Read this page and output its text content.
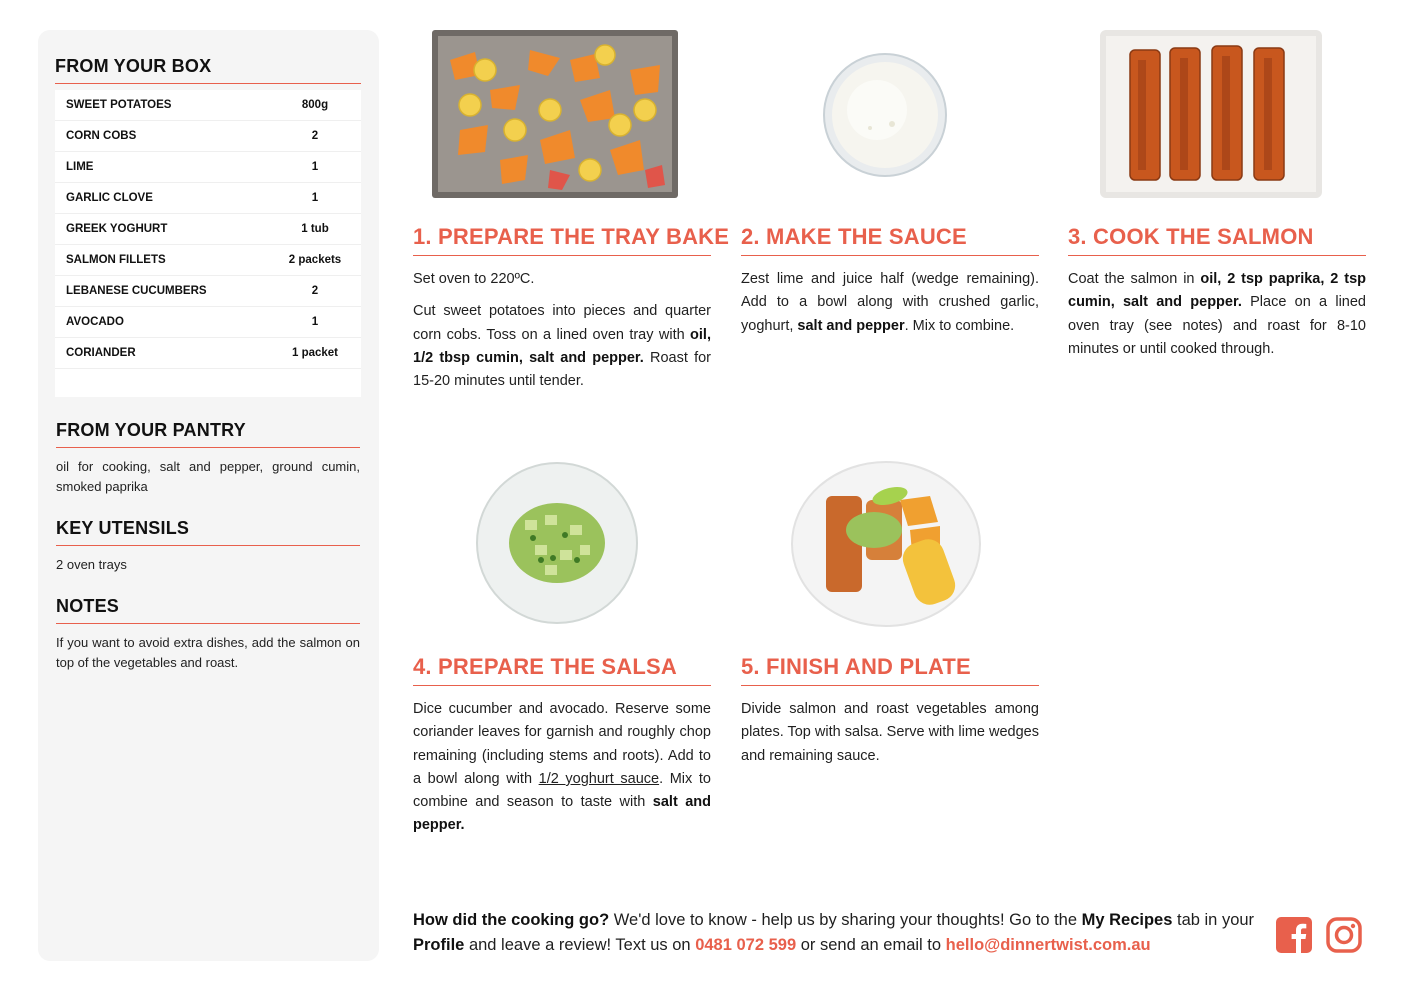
FROM YOUR BOX
SWEET POTATOES	800g
CORN COBS	2
LIME	1
GARLIC CLOVE	1
GREEK YOGHURT	1 tub
SALMON FILLETS	2 packets
LEBANESE CUCUMBERS	2
AVOCADO	1
CORIANDER	1 packet
FROM YOUR PANTRY
oil for cooking, salt and pepper, ground cumin, smoked paprika
KEY UTENSILS
2 oven trays
NOTES
If you want to avoid extra dishes, add the salmon on top of the vegetables and roast.
1. PREPARE THE TRAY BAKE

Set oven to 220ºC.

Cut sweet potatoes into pieces and quarter corn cobs. Toss on a lined oven tray with oil, 1/2 tbsp cumin, salt and pepper. Roast for 15-20 minutes until tender.

2. MAKE THE SAUCE

Zest lime and juice half (wedge remaining). Add to a bowl along with crushed garlic, yoghurt, salt and pepper. Mix to combine.

3. COOK THE SALMON

Coat the salmon in oil, 2 tsp paprika, 2 tsp cumin, salt and pepper. Place on a lined oven tray (see notes) and roast for 8-10 minutes or until cooked through.

4. PREPARE THE SALSA

Dice cucumber and avocado. Reserve some coriander leaves for garnish and roughly chop remaining (including stems and roots). Add to a bowl along with 1/2 yoghurt sauce. Mix to combine and season to taste with salt and pepper.

5. FINISH AND PLATE

Divide salmon and roast vegetables among plates. Top with salsa. Serve with lime wedges and remaining sauce.

How did the cooking go? We'd love to know - help us by sharing your thoughts! Go to the My Recipes tab in your Profile and leave a review! Text us on 0481 072 599 or send an email to hello@dinnertwist.com.au
